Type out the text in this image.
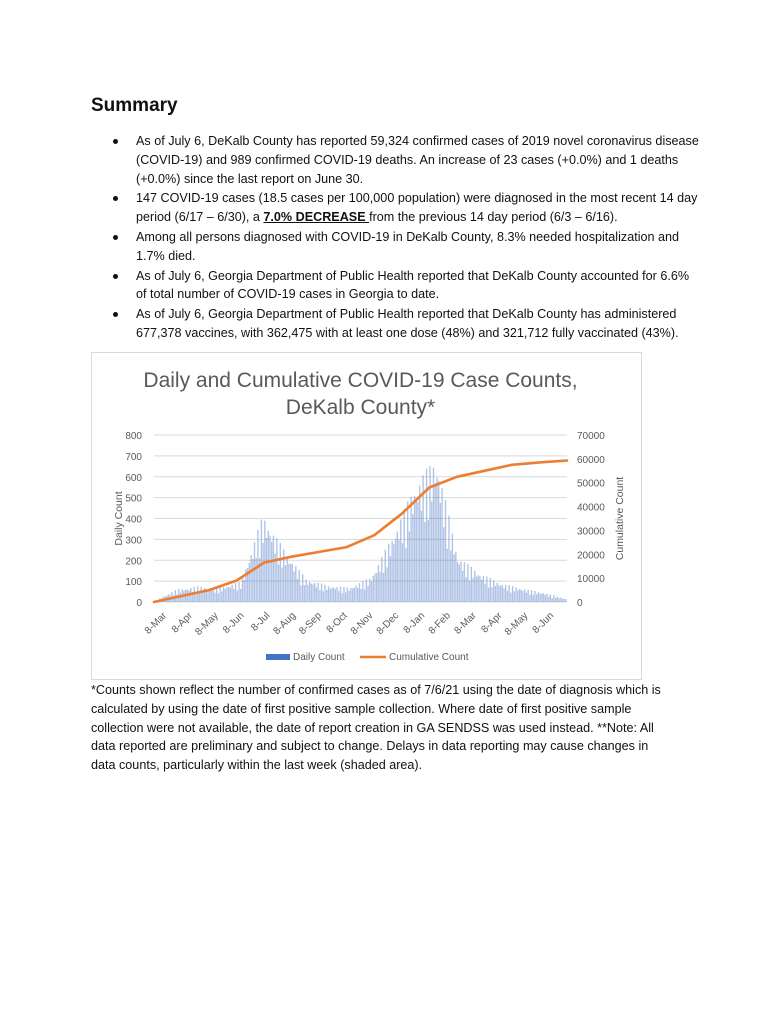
Summary
As of July 6, DeKalb County has reported 59,324 confirmed cases of 2019 novel coronavirus disease (COVID-19) and 989 confirmed COVID-19 deaths. An increase of 23 cases (+0.0%) and 1 deaths (+0.0%) since the last report on June 30.
147 COVID-19 cases (18.5 cases per 100,000 population) were diagnosed in the most recent 14 day period (6/17 – 6/30), a 7.0% DECREASE from the previous 14 day period (6/3 – 6/16).
Among all persons diagnosed with COVID-19 in DeKalb County, 8.3% needed hospitalization and 1.7% died.
As of July 6, Georgia Department of Public Health reported that DeKalb County accounted for 6.6% of total number of COVID-19 cases in Georgia to date.
As of July 6, Georgia Department of Public Health reported that DeKalb County has administered 677,378 vaccines, with 362,475 with at least one dose (48%) and 321,712 fully vaccinated (43%).
Daily and Cumulative COVID-19 Case Counts,
DeKalb County*
800
700
600
500
400
300
200
100
0
70000
60000
50000
40000
30000
20000
10000
0
Daily Count	Cumulative Count
8-Mar 8-Apr
8-May 8-Jun 8-Jul 8-Aug 8-Sep 8-Oct 8-Nov 8-Dec 8-Jan 8-Feb 8-Mar 8-Apr
8-May 8-Jun
Daily Count	Cumulative Count

*Counts shown reflect the number of confirmed cases as of 7/6/21 using the date of diagnosis which is calculated by using the date of first positive sample collection. Where date of first positive sample collection were not available, the date of report creation in GA SENDSS was used instead. **Note: All data reported are preliminary and subject to change. Delays in data reporting may cause changes in data counts, particularly within the last week (shaded area).
